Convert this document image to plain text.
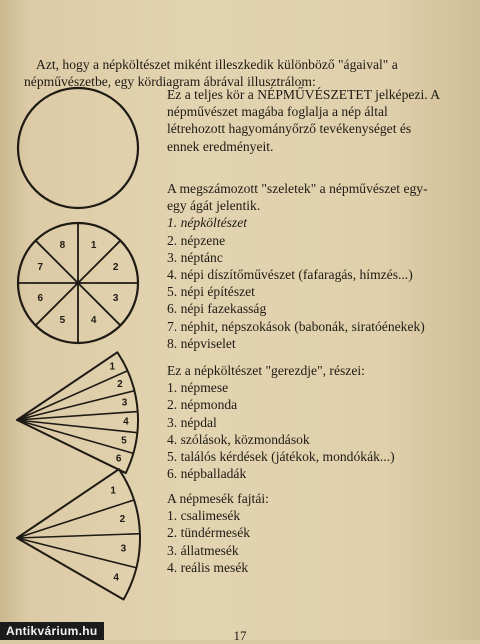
Azt, hogy a népköltészet miként illeszkedik különböző "ágaival" a népművészetbe, egy kördiagram ábrával illusztrálom:

Ez a teljes kör a NÉPMŰVÉSZETET jelképezi. A népművészet magába foglalja a nép által létrehozott hagyományőrző tevékenységet és ennek eredményeit.
A megszámozott "szeletek" a népművészet egy-egy ágát jelentik.
1. népköltészet
2. népzene
3. néptánc
4. népi díszítőművészet (fafaragás, hímzés...)
5. népi építészet
6. népi fazekasság
7. néphit, népszokások (babonák, siratóénekek)
8. népviselet
Ez a népköltészet "gerezdje", részei:
1. népmese
2. népmonda
3. népdal
4. szólások, közmondások
5. találós kérdések (játékok, mondókák...)
6. népballadák
A népmesék fajtái:
1. csalimesék
2. tündérmesék
3. állatmesék
4. reális mesék
1
2
3
4
5
6
7
8
1
2
3
4
5
6
1
2
3
4
17
Antikvárium.hu
